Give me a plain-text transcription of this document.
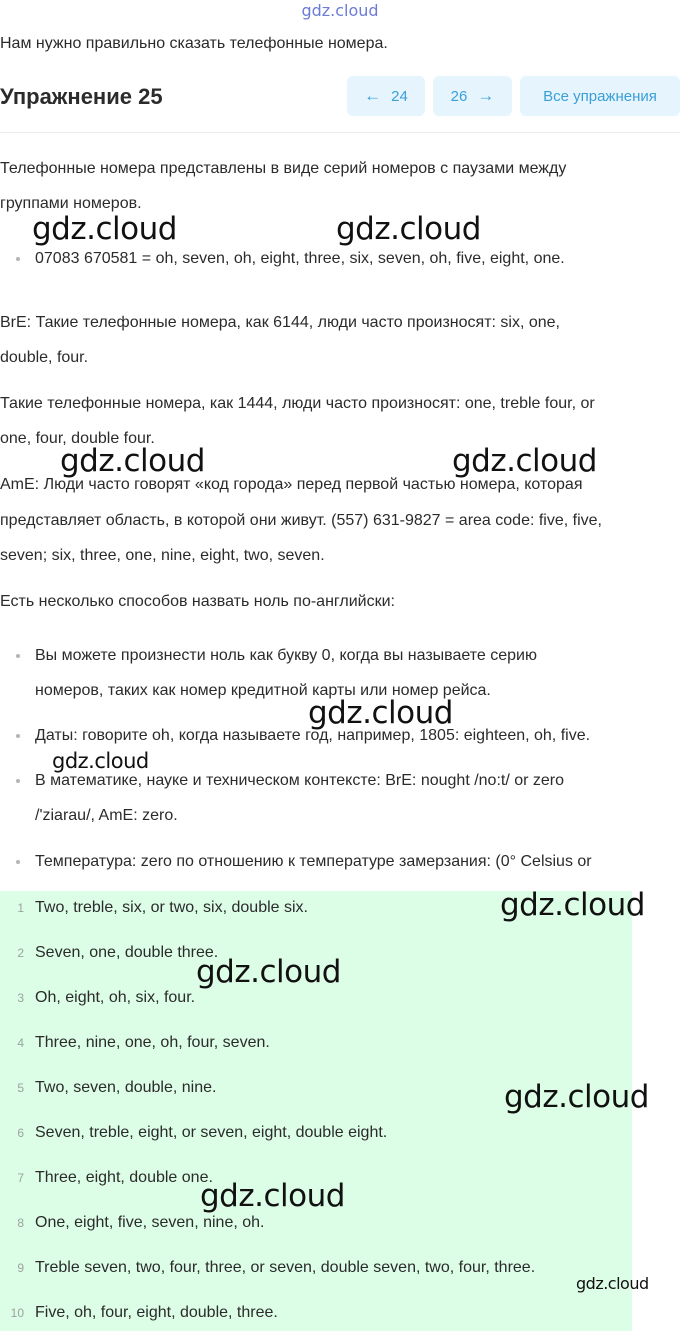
gdz.cloud
Нам нужно правильно сказать телефонные номера.
Упражнение 25	← 24	26 →	Все упражнения
Телефонные номера представлены в виде серий номеров с паузами между
группами номеров.
07083 670581 = oh, seven, oh, eight, three, six, seven, oh, five, eight, one.
BrE: Такие телефонные номера, как 6144, люди часто произносят: six, one,
double, four.
Такие телефонные номера, как 1444, люди часто произносят: one, treble four, or
one, four, double four.
AmE: Люди часто говорят «код города» перед первой частью номера, которая
представляет область, в которой они живут. (557) 631-9827 = area code: five, five,
seven; six, three, one, nine, eight, two, seven.
Есть несколько способов назвать ноль по-английски:
Вы можете произнести ноль как букву 0, когда вы называете серию
номеров, таких как номер кредитной карты или номер рейса.
Даты: говорите oh, когда называете год, например, 1805: eighteen, oh, five.
В математике, науке и техническом контексте: BrE: nought /no:t/ or zero
/'ziarau/, AmE: zero.
Температура: zero по отношению к температуре замерзания: (0° Celsius or
1 Two, treble, six, or two, six, double six.
2 Seven, one, double three.
3 Oh, eight, oh, six, four.
4 Three, nine, one, oh, four, seven.
5 Two, seven, double, nine.
6 Seven, treble, eight, or seven, eight, double eight.
7 Three, eight, double one.
8 One, eight, five, seven, nine, oh.
9 Treble seven, two, four, three, or seven, double seven, two, four, three.
10 Five, oh, four, eight, double, three.
gdz.cloud	gdz.cloud
gdz.cloud	gdz.cloud
gdz.cloud
gdz.cloud
gdz.cloud
gdz.cloud
gdz.cloud
gdz.cloud
gdz.cloud
